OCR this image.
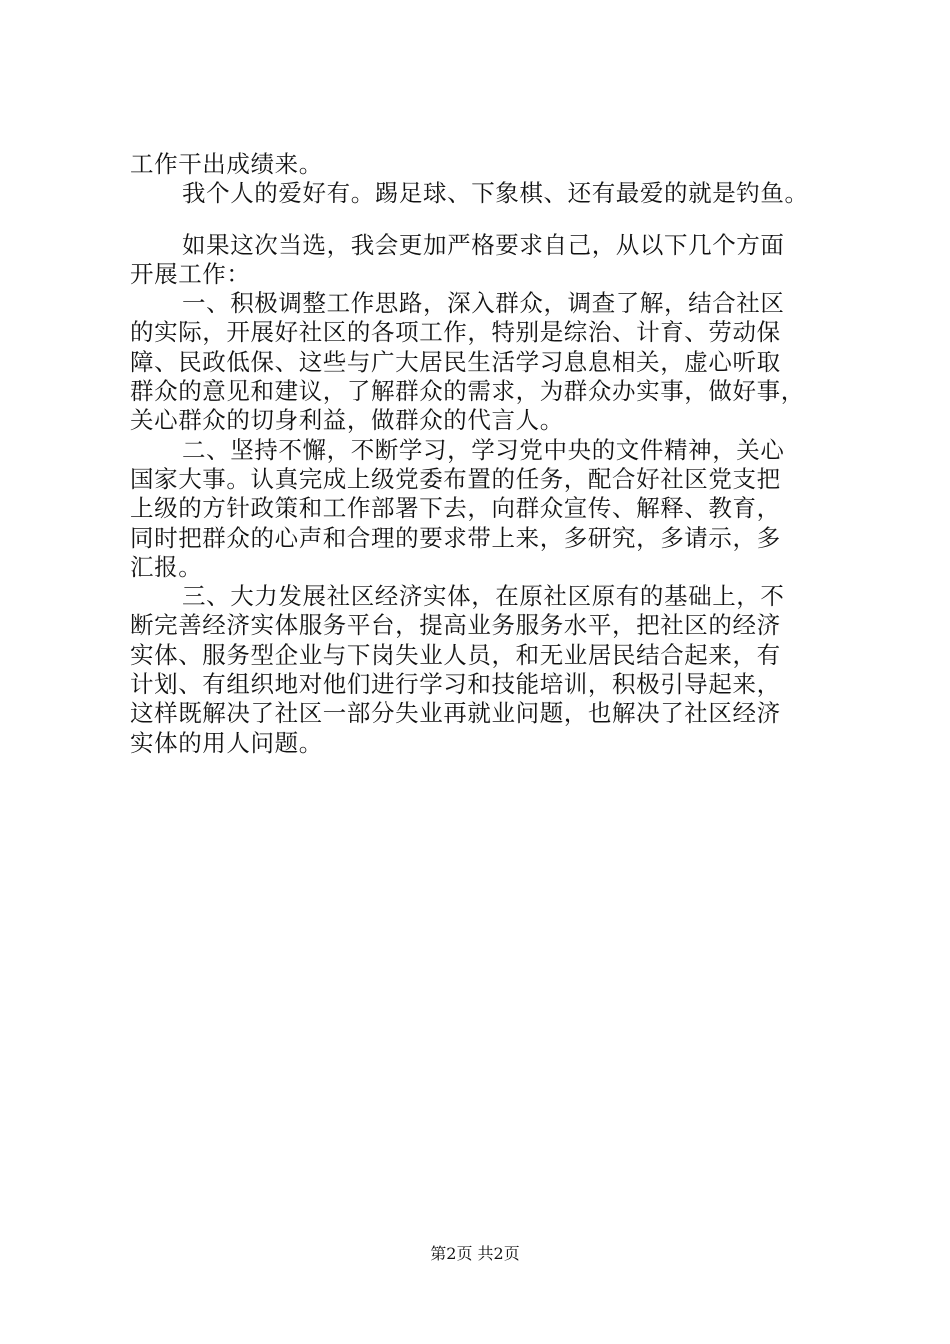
工作干出成绩来。
我个人的爱好有。踢足球、下象棋、还有最爱的就是钓鱼。
如果这次当选，我会更加严格要求自己，从以下几个方面
开展工作：
一、积极调整工作思路，深入群众，调查了解，结合社区
的实际，开展好社区的各项工作，特别是综治、计育、劳动保
障、民政低保、这些与广大居民生活学习息息相关，虚心听取
群众的意见和建议，了解群众的需求，为群众办实事，做好事，
关心群众的切身利益，做群众的代言人。
二、坚持不懈，不断学习，学习党中央的文件精神，关心
国家大事。认真完成上级党委布置的任务，配合好社区党支把
上级的方针政策和工作部署下去，向群众宣传、解释、教育，
同时把群众的心声和合理的要求带上来，多研究，多请示，多
汇报。
三、大力发展社区经济实体，在原社区原有的基础上，不
断完善经济实体服务平台，提高业务服务水平，把社区的经济
实体、服务型企业与下岗失业人员，和无业居民结合起来，有
计划、有组织地对他们进行学习和技能培训，积极引导起来，
这样既解决了社区一部分失业再就业问题，也解决了社区经济
实体的用人问题。
第2页 共2页
